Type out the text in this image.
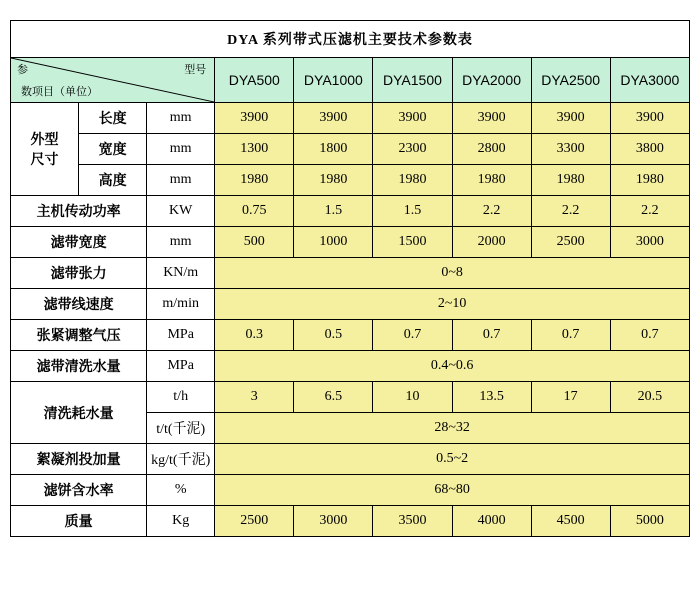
DYA 系列带式压滤机主要技术参数表								

参 型号
数项目（单位）			DYA500	DYA1000	DYA1500	DYA2000	DYA2500	DYA3000

外型
尺寸	长度	mm	3900	3900	3900	3900	3900	3900
	宽度	mm	1300	1800	2300	2800	3300	3800
	高度	mm	1980	1980	1980	1980	1980	1980
主机传动功率		KW	0.75	1.5	1.5	2.2	2.2	2.2
滤带宽度		mm	500	1000	1500	2000	2500	3000
滤带张力		KN/m	0~8					
滤带线速度		m/min	2~10					
张紧调整气压		MPa	0.3	0.5	0.7	0.7	0.7	0.7
滤带清洗水量		MPa	0.4~0.6					
清洗耗水量		t/h	3	6.5	10	13.5	17	20.5
		t/t(千泥)	28~32					
絮凝剂投加量		kg/t(千泥)	0.5~2					
滤饼含水率		%	68~80					
质量		Kg	2500	3000	3500	4000	4500	5000
